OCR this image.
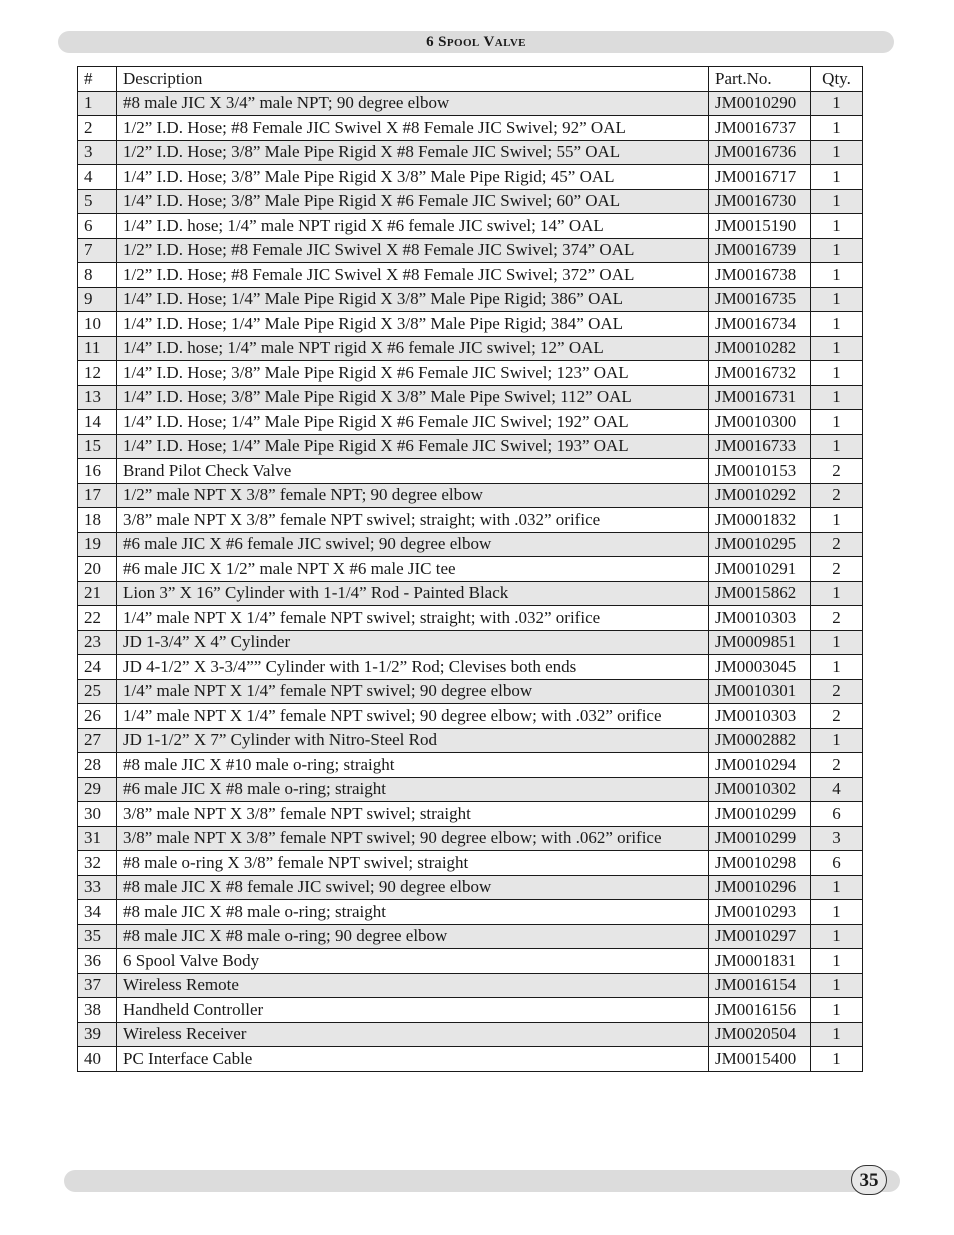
6 Spool Valve
#	Description	Part.No.	Qty.
1	#8 male JIC X 3/4” male NPT; 90 degree elbow	JM0010290	1
2	1/2” I.D. Hose; #8 Female JIC Swivel X #8 Female JIC Swivel; 92” OAL	JM0016737	1
3	1/2” I.D. Hose; 3/8” Male Pipe Rigid X #8 Female JIC Swivel; 55” OAL	JM0016736	1
4	1/4” I.D. Hose; 3/8” Male Pipe Rigid X 3/8” Male Pipe Rigid; 45” OAL	JM0016717	1
5	1/4” I.D. Hose; 3/8” Male Pipe Rigid X #6 Female JIC Swivel; 60” OAL	JM0016730	1
6	1/4” I.D. hose; 1/4” male NPT rigid X #6 female JIC swivel; 14” OAL	JM0015190	1
7	1/2” I.D. Hose; #8 Female JIC Swivel X #8 Female JIC Swivel; 374” OAL	JM0016739	1
8	1/2” I.D. Hose; #8 Female JIC Swivel X #8 Female JIC Swivel; 372” OAL	JM0016738	1
9	1/4” I.D. Hose; 1/4” Male Pipe Rigid X 3/8” Male Pipe Rigid; 386” OAL	JM0016735	1
10	1/4” I.D. Hose; 1/4” Male Pipe Rigid X 3/8” Male Pipe Rigid; 384” OAL	JM0016734	1
11	1/4” I.D. hose; 1/4” male NPT rigid X #6 female JIC swivel; 12” OAL	JM0010282	1
12	1/4” I.D. Hose; 3/8” Male Pipe Rigid X #6 Female JIC Swivel; 123” OAL	JM0016732	1
13	1/4” I.D. Hose; 3/8” Male Pipe Rigid X 3/8” Male Pipe Swivel; 112” OAL	JM0016731	1
14	1/4” I.D. Hose; 1/4” Male Pipe Rigid X #6 Female JIC Swivel; 192” OAL	JM0010300	1
15	1/4” I.D. Hose; 1/4” Male Pipe Rigid X #6 Female JIC Swivel; 193” OAL	JM0016733	1
16	Brand Pilot Check Valve	JM0010153	2
17	1/2” male NPT X 3/8” female NPT; 90 degree elbow	JM0010292	2
18	3/8” male NPT X 3/8” female NPT swivel; straight; with .032” orifice	JM0001832	1
19	#6 male JIC X #6 female JIC swivel; 90 degree elbow	JM0010295	2
20	#6 male JIC X 1/2” male NPT X #6 male JIC tee	JM0010291	2
21	Lion 3” X 16” Cylinder with 1-1/4” Rod - Painted Black	JM0015862	1
22	1/4” male NPT X 1/4” female NPT swivel; straight; with .032” orifice	JM0010303	2
23	JD 1-3/4” X 4” Cylinder	JM0009851	1
24	JD 4-1/2” X 3-3/4”” Cylinder with 1-1/2” Rod; Clevises both ends	JM0003045	1
25	1/4” male NPT X 1/4” female NPT swivel; 90 degree elbow	JM0010301	2
26	1/4” male NPT X 1/4” female NPT swivel; 90 degree elbow; with .032” orifice	JM0010303	2
27	JD 1-1/2” X 7” Cylinder with Nitro-Steel Rod	JM0002882	1
28	#8 male JIC X #10 male o-ring; straight	JM0010294	2
29	#6 male JIC X #8 male o-ring; straight	JM0010302	4
30	3/8” male NPT X 3/8” female NPT swivel; straight	JM0010299	6
31	3/8” male NPT X 3/8” female NPT swivel; 90 degree elbow; with .062” orifice	JM0010299	3
32	#8 male o-ring X 3/8” female NPT swivel; straight	JM0010298	6
33	#8 male JIC X #8 female JIC swivel; 90 degree elbow	JM0010296	1
34	#8 male JIC X #8 male o-ring; straight	JM0010293	1
35	#8 male JIC X #8 male o-ring; 90 degree elbow	JM0010297	1
36	6 Spool Valve Body	JM0001831	1
37	Wireless Remote	JM0016154	1
38	Handheld Controller	JM0016156	1
39	Wireless Receiver	JM0020504	1
40	PC Interface Cable	JM0015400	1
35
